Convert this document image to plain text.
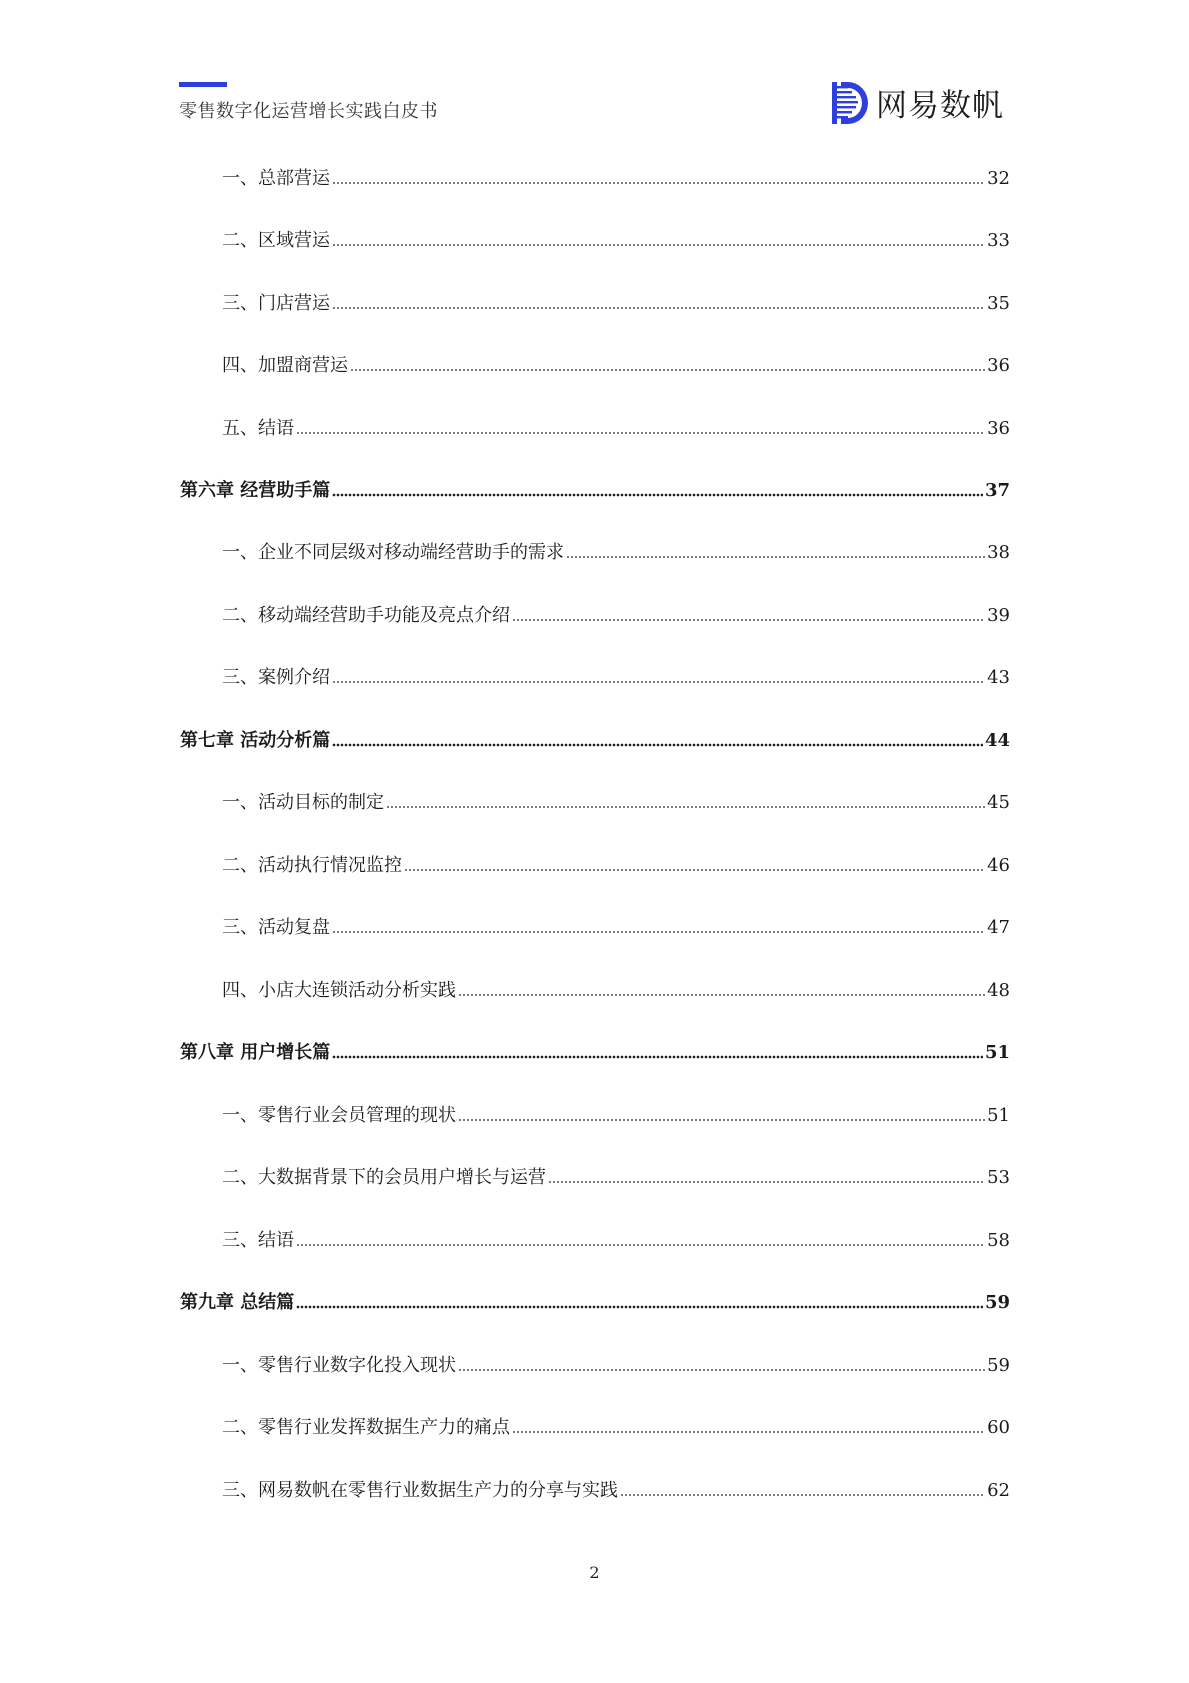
零售数字化运营增长实践白皮书	网易数帆
一、总部营运	32
二、区域营运	33
三、门店营运	35
四、加盟商营运	36
五、结语	36
第六章 经营助手篇	37
一、企业不同层级对移动端经营助手的需求	38
二、移动端经营助手功能及亮点介绍	39
三、案例介绍	43
第七章 活动分析篇	44
一、活动目标的制定	45
二、活动执行情况监控	46
三、活动复盘	47
四、小店大连锁活动分析实践	48
第八章 用户增长篇	51
一、零售行业会员管理的现状	51
二、大数据背景下的会员用户增长与运营	53
三、结语	58
第九章 总结篇	59
一、零售行业数字化投入现状	59
二、零售行业发挥数据生产力的痛点	60
三、网易数帆在零售行业数据生产力的分享与实践	62
2
